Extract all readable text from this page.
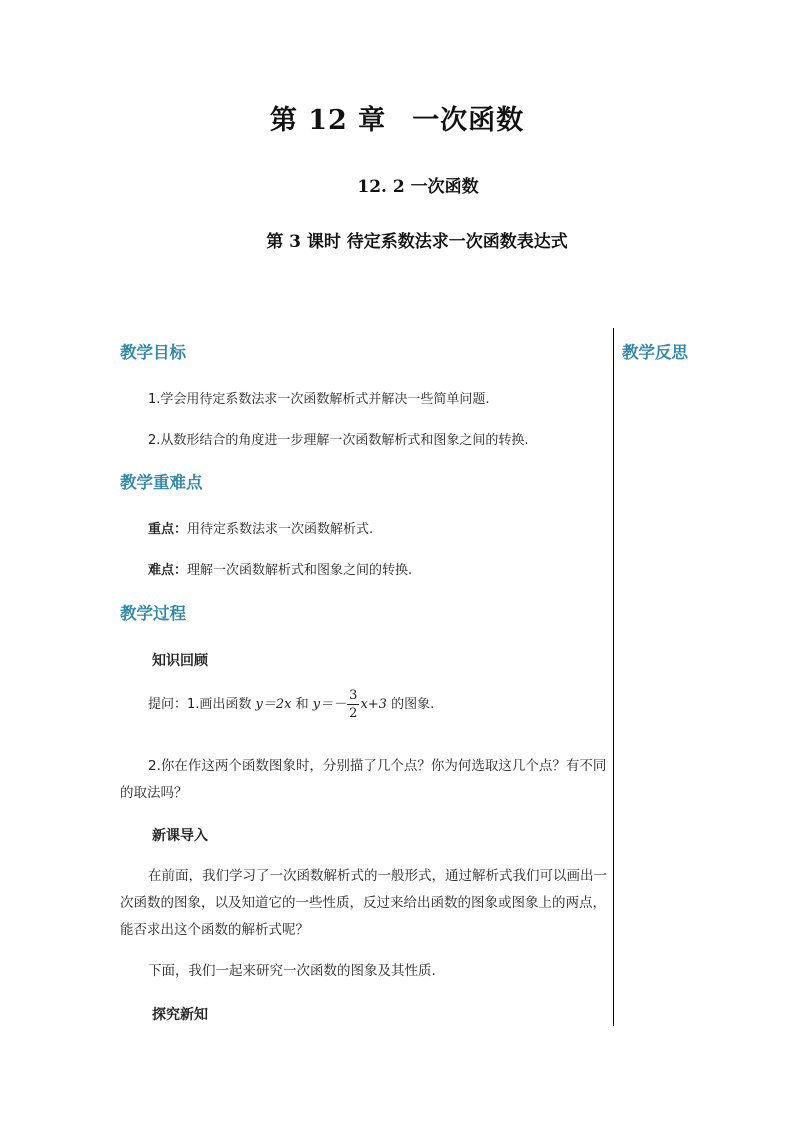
第 12 章 一次函数
12. 2 一次函数
第 3 课时 待定系数法求一次函数表达式
教学反思
教学目标
1.学会用待定系数法求一次函数解析式并解决一些简单问题.
2.从数形结合的角度进一步理解一次函数解析式和图象之间的转换.
教学重难点
重点：用待定系数法求一次函数解析式.
难点：理解一次函数解析式和图象之间的转换.
教学过程
知识回顾
提问：1.画出函数 y＝2x 和 $y=- \frac{3}{2} x+3$ 的图象.
2.你在作这两个函数图象时，分别描了几个点？你为何选取这几个点？有不同的取法吗？
新课导入
在前面，我们学习了一次函数解析式的一般形式，通过解析式我们可以画出一次函数的图象，以及知道它的一些性质，反过来给出函数的图象或图象上的两点，能否求出这个函数的解析式呢？
下面，我们一起来研究一次函数的图象及其性质.
探究新知
